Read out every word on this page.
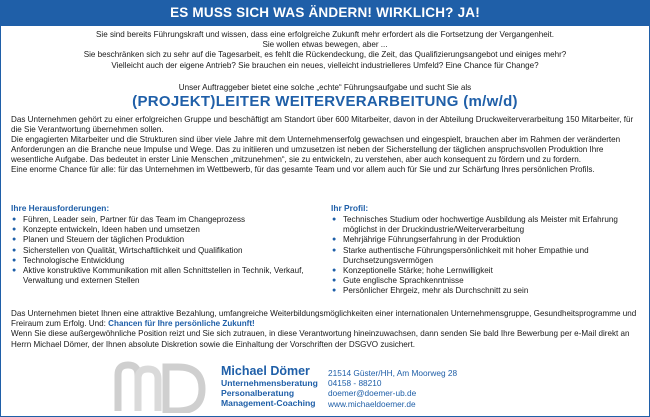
ES MUSS SICH WAS ÄNDERN! WIRKLICH? JA!
Sie sind bereits Führungskraft und wissen, dass eine erfolgreiche Zukunft mehr erfordert als die Fortsetzung der Vergangenheit.
Sie wollen etwas bewegen, aber ...
Sie beschränken sich zu sehr auf die Tagesarbeit, es fehlt die Rückendeckung, die Zeit, das Qualifizierungsangebot und einiges mehr?
Vielleicht auch der eigene Antrieb? Sie brauchen ein neues, vielleicht industrielleres Umfeld? Eine Chance für Change?
Unser Auftraggeber bietet eine solche „echte“ Führungsaufgabe und sucht Sie als
(PROJEKT)LEITER WEITERVERARBEITUNG (m/w/d)

Das Unternehmen gehört zu einer erfolgreichen Gruppe und beschäftigt am Standort über 600 Mitarbeiter, davon in der Abteilung Druckweiterverarbeitung 150 Mitarbeiter, für die Sie Verantwortung übernehmen sollen.

Die engagierten Mitarbeiter und die Strukturen sind über viele Jahre mit dem Unternehmenserfolg gewachsen und eingespielt, brauchen aber im Rahmen der veränderten Anforderungen an die Branche neue Impulse und Wege. Das zu initiieren und umzusetzen ist neben der Sicherstellung der täglichen anspruchsvollen Produktion Ihre wesentliche Aufgabe. Das bedeutet in erster Linie Menschen „mitzunehmen“, sie zu entwickeln, zu verstehen, aber auch konsequent zu fördern und zu fordern.

Eine enorme Chance für alle: für das Unternehmen im Wettbewerb, für das gesamte Team und vor allem auch für Sie und zur Schärfung Ihres persönlichen Profils.

Ihre Herausforderungen:
● Führen, Leader sein, Partner für das Team im Changeprozess
● Konzepte entwickeln, Ideen haben und umsetzen
● Planen und Steuern der täglichen Produktion
● Sicherstellen von Qualität, Wirtschaftlichkeit und Qualifikation
● Technologische Entwicklung
● Aktive konstruktive Kommunikation mit allen Schnittstellen in Technik, Verkauf, Verwaltung und externen Stellen
Ihr Profil:
● Technisches Studium oder hochwertige Ausbildung als Meister mit Erfahrung möglichst in der Druckindustrie/Weiterverarbeitung
● Mehrjährige Führungserfahrung in der Produktion
● Starke authentische Führungspersönlichkeit mit hoher Empathie und Durchsetzungsvermögen
● Konzeptionelle Stärke; hohe Lernwilligkeit
● Gute englische Sprachkenntnisse
● Persönlicher Ehrgeiz, mehr als Durchschnitt zu sein

Das Unternehmen bietet Ihnen eine attraktive Bezahlung, umfangreiche Weiterbildungsmöglichkeiten einer internationalen Unternehmensgruppe, Gesundheitsprogramme und Freiraum zum Erfolg. Und: Chancen für Ihre persönliche Zukunft!

Wenn Sie diese außergewöhnliche Position reizt und Sie sich zutrauen, in diese Verantwortung hineinzuwachsen, dann senden Sie bald Ihre Bewerbung per e-Mail direkt an Herrn Michael Dömer, der Ihnen absolute Diskretion sowie die Einhaltung der Vorschriften der DSGVO zusichert.

Michael Dömer
Unternehmensberatung
Personalberatung
Management-Coaching
21514 Güster/HH, Am Moorweg 28
04158 - 88210
doemer@doemer-ub.de
www.michaeldoemer.de
